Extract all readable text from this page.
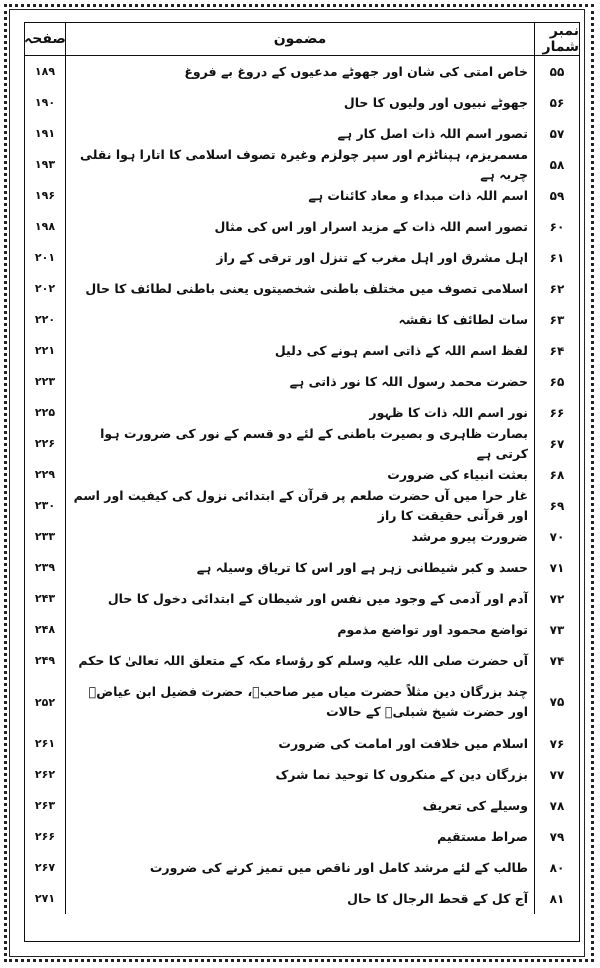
نمبر شمار
مضمون
صفحہ
۵۵
خاص امتی کی شان اور جھوٹے مدعیوں کے دروغ بے فروغ
۱۸۹
۵۶
جھوٹے نبیوں اور ولیوں کا حال
۱۹۰
۵۷
تصور اسم اللہ ذات اصل کار ہے
۱۹۱
۵۸
مسمریزم، ہپناٹزم اور سپر چولزم وغیرہ تصوف اسلامی کا اتارا ہوا نقلی چربہ ہے
۱۹۳
۵۹
اسم اللہ ذات مبداء و معاد کائنات ہے
۱۹۶
۶۰
تصور اسم اللہ ذات کے مزید اسرار اور اس کی مثال
۱۹۸
۶۱
اہل مشرق اور اہل مغرب کے تنزل اور ترقی کے راز
۲۰۱
۶۲
اسلامی تصوف میں مختلف باطنی شخصیتوں یعنی باطنی لطائف کا حال
۲۰۲
۶۳
سات لطائف کا نقشہ
۲۲۰
۶۴
لفظ اسم اللہ کے ذاتی اسم ہونے کی دلیل
۲۲۱
۶۵
حضرت محمد رسول اللہ کا نور ذاتی ہے
۲۲۳
۶۶
نور اسم اللہ ذات کا ظہور
۲۲۵
۶۷
بصارت ظاہری و بصیرت باطنی کے لئے دو قسم کے نور کی ضرورت ہوا کرتی ہے
۲۲۶
۶۸
بعثت انبیاء کی ضرورت
۲۲۹
۶۹
غار حرا میں آں حضرت صلعم پر قرآن کے ابتدائی نزول کی کیفیت اور اسم اور قرآنی حقیقت کا راز
۲۳۰
۷۰
ضرورت پیرو مرشد
۲۳۳
۷۱
حسد و کبر شیطانی زہر ہے اور اس کا تریاق وسیلہ ہے
۲۳۹
۷۲
آدم اور آدمی کے وجود میں نفس اور شیطان کے ابتدائی دخول کا حال
۲۴۳
۷۳
تواضع محمود اور تواضع مذموم
۲۴۸
۷۴
آں حضرت صلی اللہ علیہ وسلم کو رؤساء مکہ کے متعلق اللہ تعالیٰ کا حکم
۲۴۹
۷۵
چند بزرگان دین مثلاً حضرت میاں میر صاحبؒ، حضرت فضیل ابن عیاضؒ اور حضرت شیخ شبلیؒ کے حالات
۲۵۲
۷۶
اسلام میں خلافت اور امامت کی ضرورت
۲۶۱
۷۷
بزرگان دین کے منکروں کا توحید نما شرک
۲۶۲
۷۸
وسیلے کی تعریف
۲۶۳
۷۹
صراط مستقیم
۲۶۶
۸۰
طالب کے لئے مرشد کامل اور ناقص میں تمیز کرنے کی ضرورت
۲۶۷
۸۱
آج کل کے قحط الرجال کا حال
۲۷۱
